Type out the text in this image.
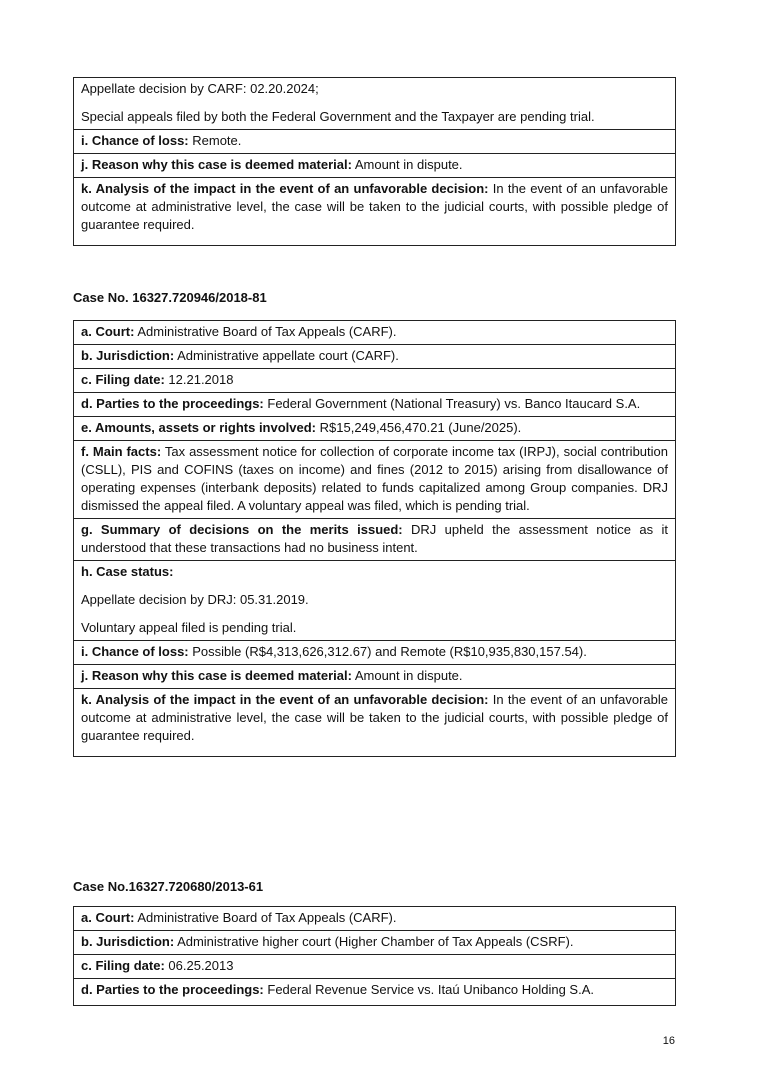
Appellate decision by CARF: 02.20.2024;

Special appeals filed by both the Federal Government and the Taxpayer are pending trial.

i. Chance of loss: Remote.
j. Reason why this case is deemed material: Amount in dispute.
k. Analysis of the impact in the event of an unfavorable decision: In the event of an unfavorable outcome at administrative level, the case will be taken to the judicial courts, with possible pledge of guarantee required.
Case No. 16327.720946/2018-81
a. Court: Administrative Board of Tax Appeals (CARF).
b. Jurisdiction: Administrative appellate court (CARF).
c. Filing date: 12.21.2018
d. Parties to the proceedings: Federal Government (National Treasury) vs. Banco Itaucard S.A.
e. Amounts, assets or rights involved: R$15,249,456,470.21 (June/2025).
f. Main facts: Tax assessment notice for collection of corporate income tax (IRPJ), social contribution (CSLL), PIS and COFINS (taxes on income) and fines (2012 to 2015) arising from disallowance of operating expenses (interbank deposits) related to funds capitalized among Group companies. DRJ dismissed the appeal filed. A voluntary appeal was filed, which is pending trial.
g. Summary of decisions on the merits issued: DRJ upheld the assessment notice as it understood that these transactions had no business intent.

h. Case status:

Appellate decision by DRJ: 05.31.2019.

Voluntary appeal filed is pending trial.

i. Chance of loss: Possible (R$4,313,626,312.67) and Remote (R$10,935,830,157.54).
j. Reason why this case is deemed material: Amount in dispute.
k. Analysis of the impact in the event of an unfavorable decision: In the event of an unfavorable outcome at administrative level, the case will be taken to the judicial courts, with possible pledge of guarantee required.
Case No.16327.720680/2013-61
a. Court: Administrative Board of Tax Appeals (CARF).
b. Jurisdiction: Administrative higher court (Higher Chamber of Tax Appeals (CSRF).
c. Filing date: 06.25.2013
d. Parties to the proceedings: Federal Revenue Service vs. Itaú Unibanco Holding S.A.
16
